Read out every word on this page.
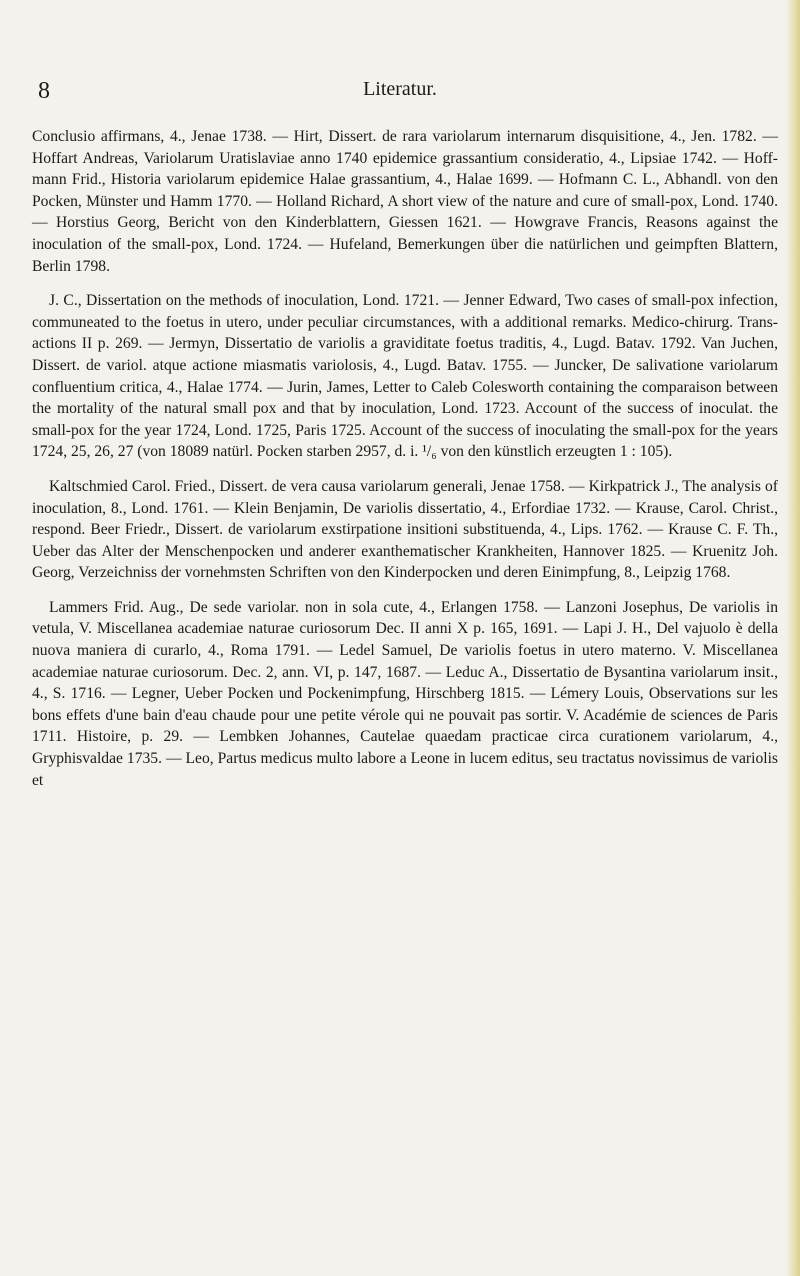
Literatur.
8

Conclusio affirmans, 4., Jenae 1738. — Hirt, Dissert. de rara variolarum internarum disquisitione, 4., Jen. 1782. — Hoffart Andreas, Variolarum Uratislaviae anno 1740 epidemice grassantium consideratio, 4., Lipsiae 1742. — Hoffmann Frid., Historia variolarum epidemice Halae grassantium, 4., Halae 1699. — Hofmann C. L., Abhandl. von den Pocken, Münster und Hamm 1770. — Holland Richard, A short view of the nature and cure of small-pox, Lond. 1740. — Horstius Georg, Bericht von den Kinderblattern, Giessen 1621. — Howgrave Francis, Reasons against the inoculation of the small-pox, Lond. 1724. — Hufeland, Bemerkungen über die natürlichen und geimpften Blattern, Berlin 1798.

J. C., Dissertation on the methods of inoculation, Lond. 1721. — Jenner Edward, Two cases of small-pox infection, communeated to the foetus in utero, under peculiar circumstances, with a additional remarks. Medico-chirurg. Transactions II p. 269. — Jermyn, Dissertatio de variolis a graviditate foetus traditis, 4., Lugd. Batav. 1792. Van Juchen, Dissert. de variol. atque actione miasmatis variolosis, 4., Lugd. Batav. 1755. — Juncker, De salivatione variolarum confluentium critica, 4., Halae 1774. — Jurin, James, Letter to Caleb Colesworth containing the comparaison between the mortality of the natural small pox and that by inoculation, Lond. 1723. Account of the success of inoculat. the small-pox for the year 1724, Lond. 1725, Paris 1725. Account of the success of inoculating the small-pox for the years 1724, 25, 26, 27 (von 18089 natürl. Pocken starben 2957, d. i. ¹/₆ von den künstlich erzeugten 1 : 105).

Kaltschmied Carol. Fried., Dissert. de vera causa variolarum generali, Jenae 1758. — Kirkpatrick J., The analysis of inoculation, 8., Lond. 1761. — Klein Benjamin, De variolis dissertatio, 4., Erfordiae 1732. — Krause, Carol. Christ., respond. Beer Friedr., Dissert. de variolarum exstirpatione insitioni substituenda, 4., Lips. 1762. — Krause C. F. Th., Ueber das Alter der Menschenpocken und anderer exanthematischer Krankheiten, Hannover 1825. — Kruenitz Joh. Georg, Verzeichniss der vornehmsten Schriften von den Kinderpocken und deren Einimpfung, 8., Leipzig 1768.

Lammers Frid. Aug., De sede variolar. non in sola cute, 4., Erlangen 1758. — Lanzoni Josephus, De variolis in vetula, V. Miscellanea academiae naturae curiosorum Dec. II anni X p. 165, 1691. — Lapi J. H., Del vajuolo è della nuova maniera di curarlo, 4., Roma 1791. — Ledel Samuel, De variolis foetus in utero materno. V. Miscellanea academiae naturae curiosorum. Dec. 2, ann. VI, p. 147, 1687. — Leduc A., Dissertatio de Bysantina variolarum insit., 4., S. 1716. — Legner, Ueber Pocken und Pockenimpfung, Hirschberg 1815. — Lémery Louis, Observations sur les bons effets d'une bain d'eau chaude pour une petite vérole qui ne pouvait pas sortir. V. Académie de sciences de Paris 1711. Histoire, p. 29. — Lembken Johannes, Cautelae quaedam practicae circa curationem variolarum, 4., Gryphisvaldae 1735. — Leo, Partus medicus multo labore a Leone in lucem editus, seu tractatus novissimus de variolis et
